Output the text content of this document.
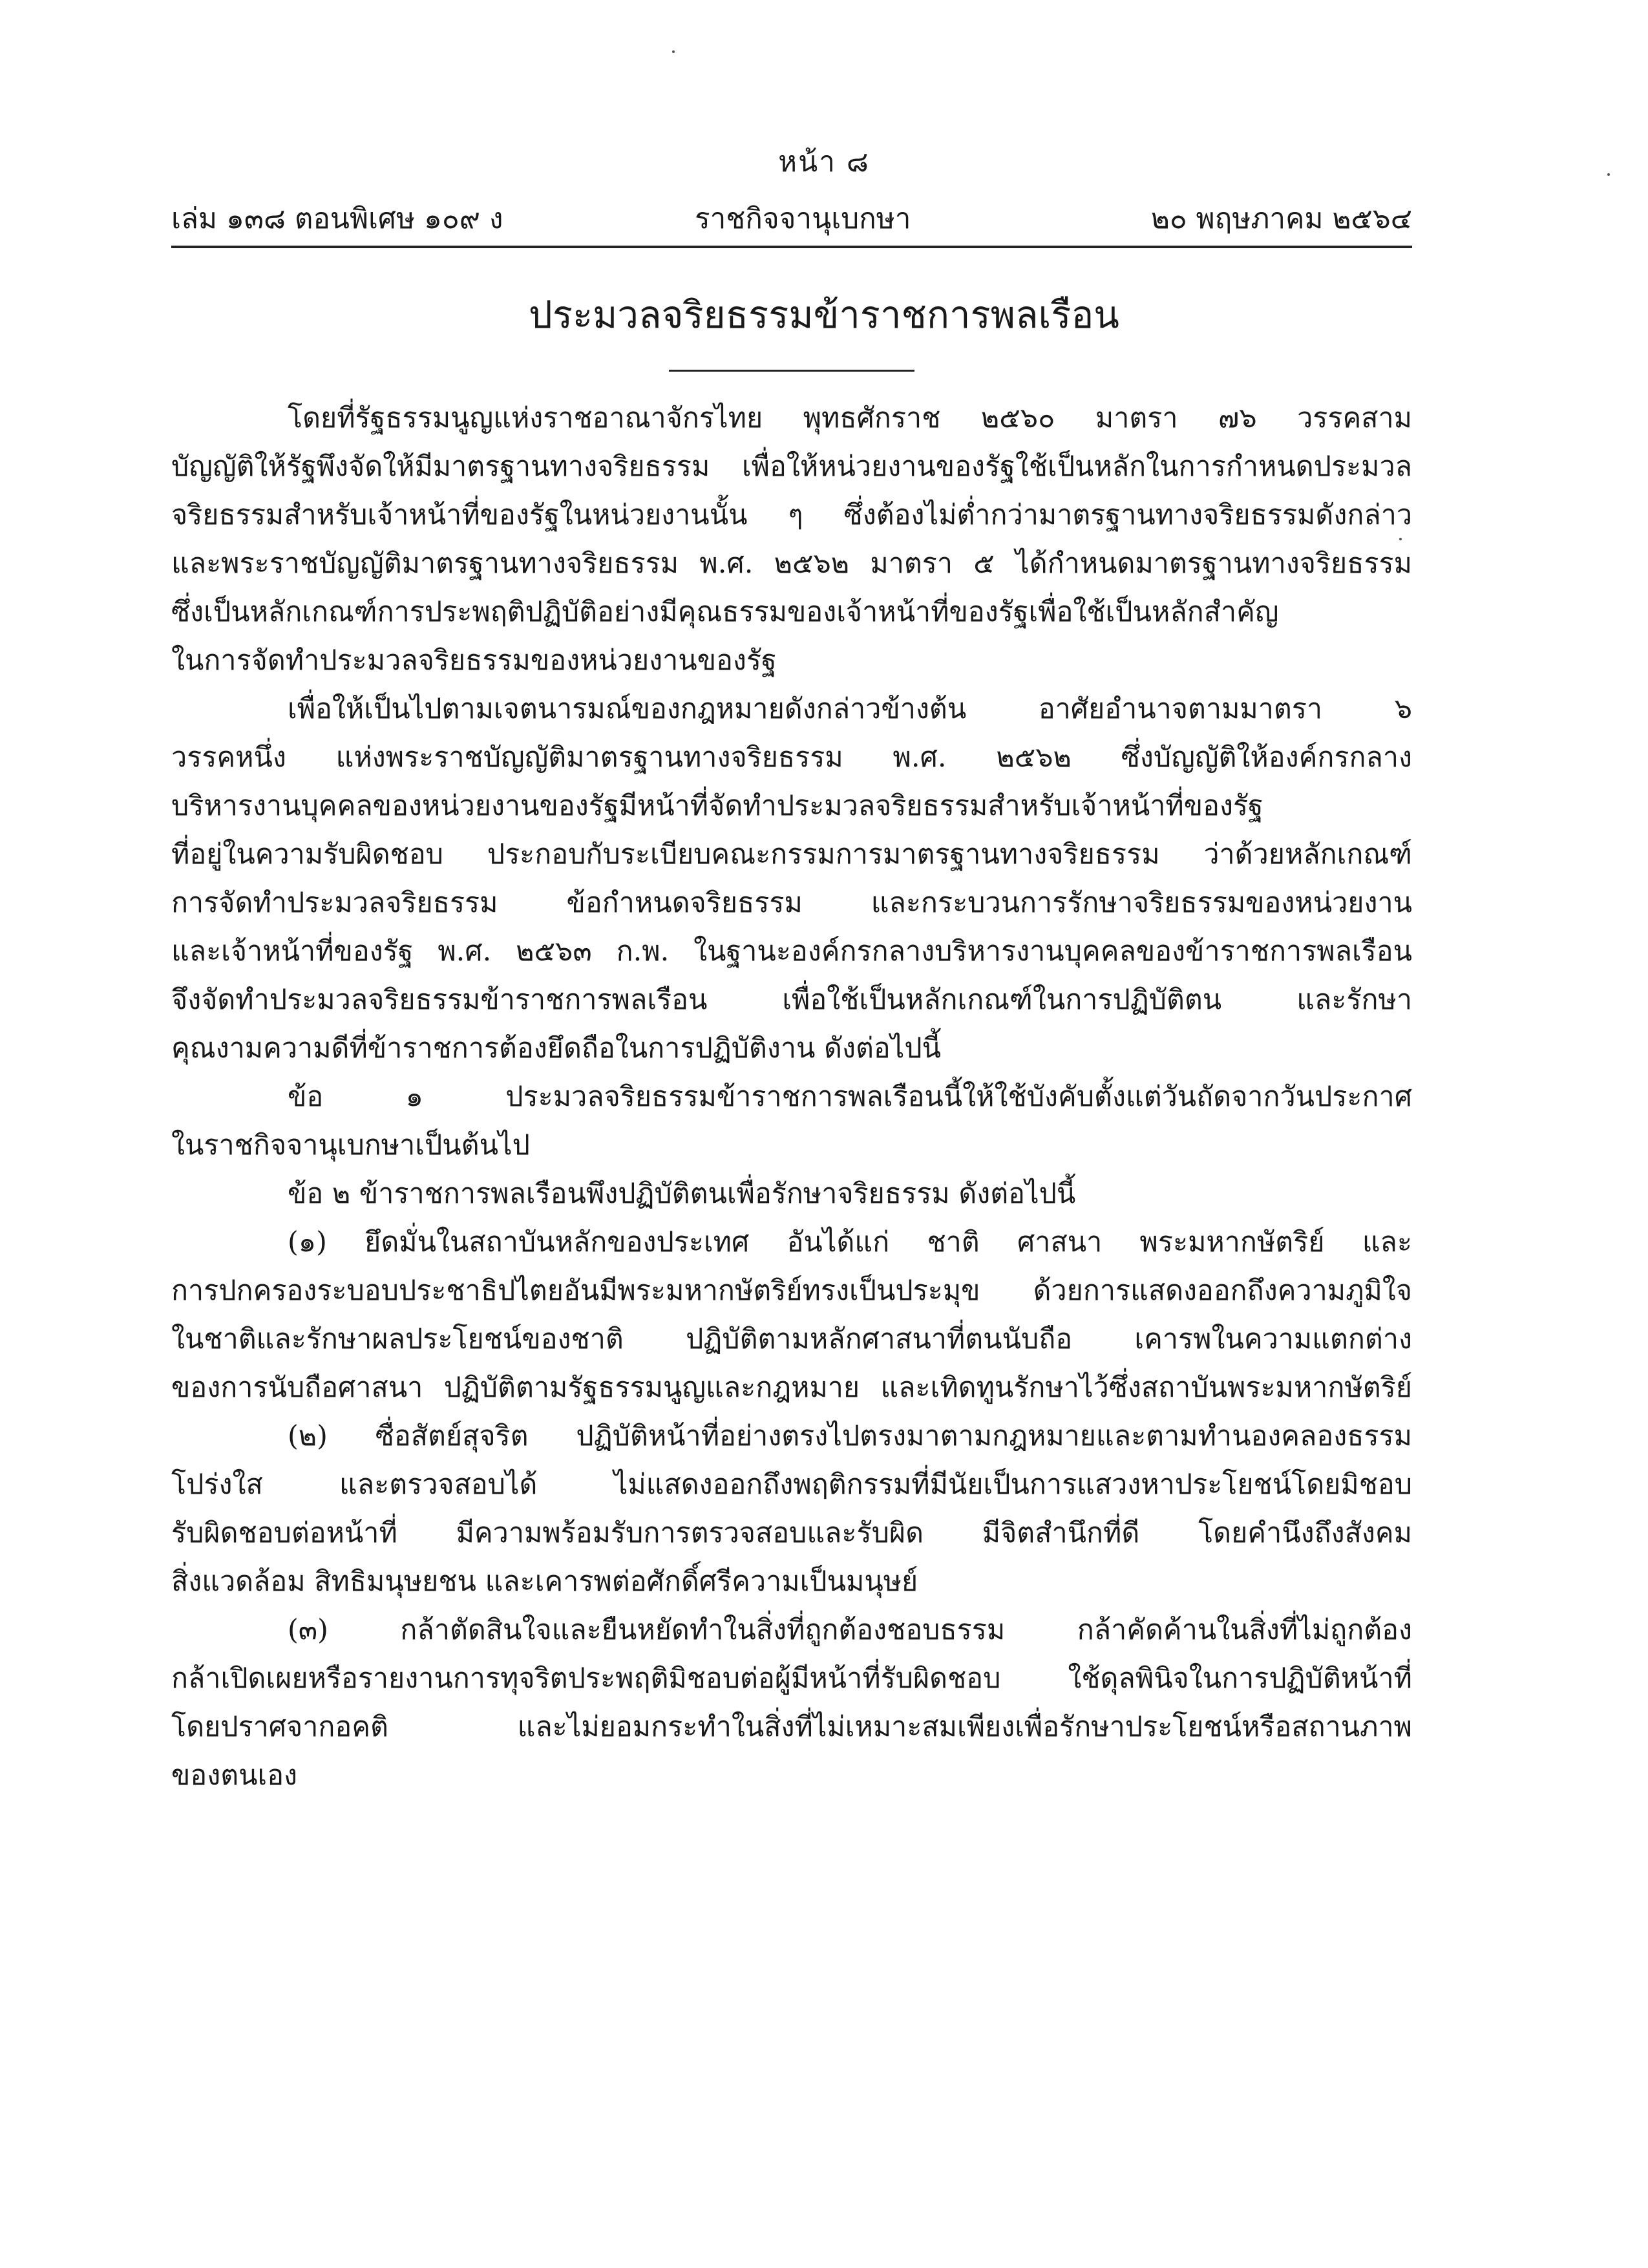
หน้า ๘
เล่ม ๑๓๘ ตอนพิเศษ ๑๐๙ ง	ราชกิจจานุเบกษา	๒๐ พฤษภาคม ๒๕๖๔
ประมวลจริยธรรมข้าราชการพลเรือน
โดยที่รัฐธรรมนูญแห่งราชอาณาจักรไทย พุทธศักราช ๒๕๖๐ มาตรา ๗๖ วรรคสาม
บัญญัติให้รัฐพึงจัดให้มีมาตรฐานทางจริยธรรม เพื่อให้หน่วยงานของรัฐใช้เป็นหลักในการกำหนดประมวล
จริยธรรมสำหรับเจ้าหน้าที่ของรัฐในหน่วยงานนั้น ๆ ซึ่งต้องไม่ต่ำกว่ามาตรฐานทางจริยธรรมดังกล่าว
และพระราชบัญญัติมาตรฐานทางจริยธรรม พ.ศ. ๒๕๖๒ มาตรา ๕ ได้กำหนดมาตรฐานทางจริยธรรม
ซึ่งเป็นหลักเกณฑ์การประพฤติปฏิบัติอย่างมีคุณธรรมของเจ้าหน้าที่ของรัฐเพื่อใช้เป็นหลักสำคัญ
ในการจัดทำประมวลจริยธรรมของหน่วยงานของรัฐ
เพื่อให้เป็นไปตามเจตนารมณ์ของกฎหมายดังกล่าวข้างต้น อาศัยอำนาจตามมาตรา ๖
วรรคหนึ่ง แห่งพระราชบัญญัติมาตรฐานทางจริยธรรม พ.ศ. ๒๕๖๒ ซึ่งบัญญัติให้องค์กรกลาง
บริหารงานบุคคลของหน่วยงานของรัฐมีหน้าที่จัดทำประมวลจริยธรรมสำหรับเจ้าหน้าที่ของรัฐ
ที่อยู่ในความรับผิดชอบ ประกอบกับระเบียบคณะกรรมการมาตรฐานทางจริยธรรม ว่าด้วยหลักเกณฑ์
การจัดทำประมวลจริยธรรม ข้อกำหนดจริยธรรม และกระบวนการรักษาจริยธรรมของหน่วยงาน
และเจ้าหน้าที่ของรัฐ พ.ศ. ๒๕๖๓ ก.พ. ในฐานะองค์กรกลางบริหารงานบุคคลของข้าราชการพลเรือน
จึงจัดทำประมวลจริยธรรมข้าราชการพลเรือน เพื่อใช้เป็นหลักเกณฑ์ในการปฏิบัติตน และรักษา
คุณงามความดีที่ข้าราชการต้องยึดถือในการปฏิบัติงาน ดังต่อไปนี้
ข้อ ๑ ประมวลจริยธรรมข้าราชการพลเรือนนี้ให้ใช้บังคับตั้งแต่วันถัดจากวันประกาศ
ในราชกิจจานุเบกษาเป็นต้นไป
ข้อ ๒ ข้าราชการพลเรือนพึงปฏิบัติตนเพื่อรักษาจริยธรรม ดังต่อไปนี้
(๑) ยึดมั่นในสถาบันหลักของประเทศ อันได้แก่ ชาติ ศาสนา พระมหากษัตริย์ และ
การปกครองระบอบประชาธิปไตยอันมีพระมหากษัตริย์ทรงเป็นประมุข ด้วยการแสดงออกถึงความภูมิใจ
ในชาติและรักษาผลประโยชน์ของชาติ ปฏิบัติตามหลักศาสนาที่ตนนับถือ เคารพในความแตกต่าง
ของการนับถือศาสนา ปฏิบัติตามรัฐธรรมนูญและกฎหมาย และเทิดทูนรักษาไว้ซึ่งสถาบันพระมหากษัตริย์
(๒) ซื่อสัตย์สุจริต ปฏิบัติหน้าที่อย่างตรงไปตรงมาตามกฎหมายและตามทำนองคลองธรรม
โปร่งใส และตรวจสอบได้ ไม่แสดงออกถึงพฤติกรรมที่มีนัยเป็นการแสวงหาประโยชน์โดยมิชอบ
รับผิดชอบต่อหน้าที่ มีความพร้อมรับการตรวจสอบและรับผิด มีจิตสำนึกที่ดี โดยคำนึงถึงสังคม
สิ่งแวดล้อม สิทธิมนุษยชน และเคารพต่อศักดิ์ศรีความเป็นมนุษย์
(๓) กล้าตัดสินใจและยืนหยัดทำในสิ่งที่ถูกต้องชอบธรรม กล้าคัดค้านในสิ่งที่ไม่ถูกต้อง
กล้าเปิดเผยหรือรายงานการทุจริตประพฤติมิชอบต่อผู้มีหน้าที่รับผิดชอบ ใช้ดุลพินิจในการปฏิบัติหน้าที่
โดยปราศจากอคติ และไม่ยอมกระทำในสิ่งที่ไม่เหมาะสมเพียงเพื่อรักษาประโยชน์หรือสถานภาพ
ของตนเอง
